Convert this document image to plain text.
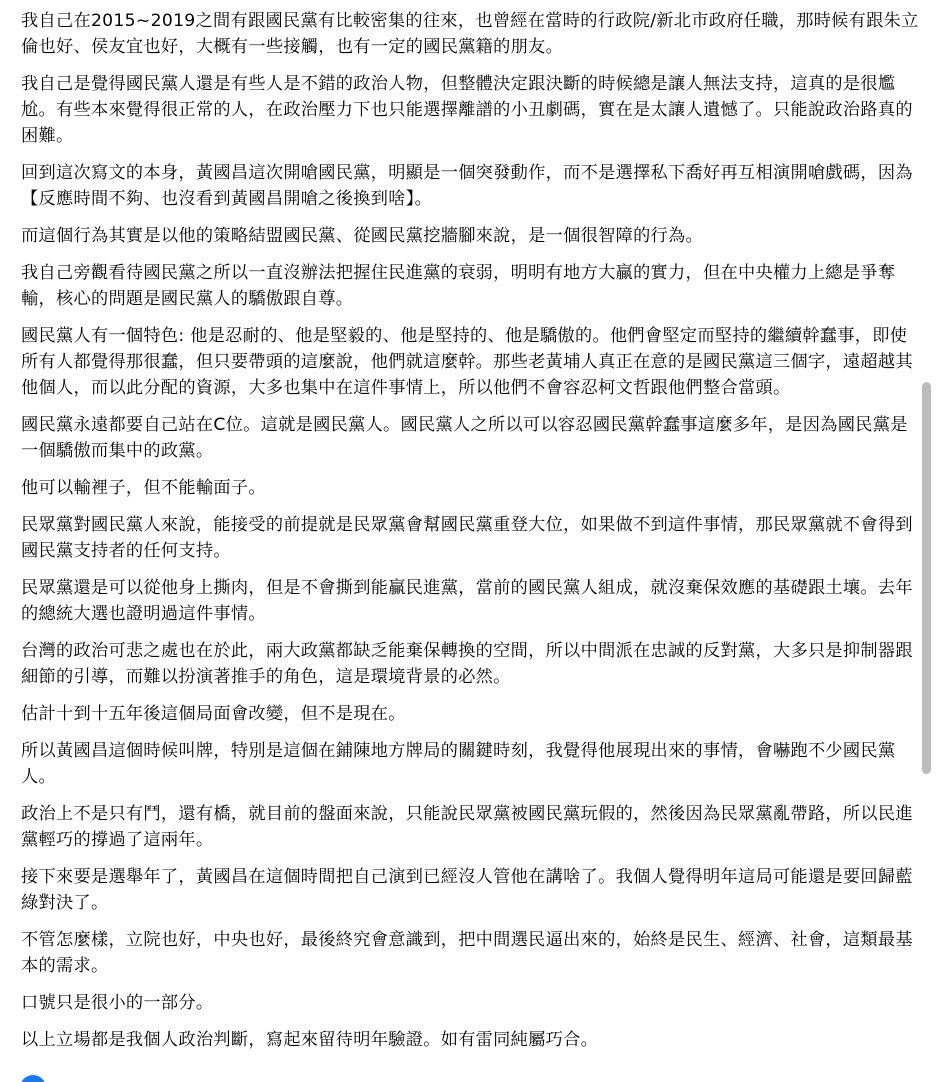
我自己在2015~2019之間有跟國民黨有比較密集的往來，也曾經在當時的行政院/新北市政府任職，那時候有跟朱立倫也好、侯友宜也好，大概有一些接觸，也有一定的國民黨籍的朋友。

我自己是覺得國民黨人還是有些人是不錯的政治人物，但整體決定跟決斷的時候總是讓人無法支持，這真的是很尷尬。有些本來覺得很正常的人，在政治壓力下也只能選擇離譜的小丑劇碼，實在是太讓人遺憾了。只能說政治路真的困難。

回到這次寫文的本身，黃國昌這次開嗆國民黨，明顯是一個突發動作，而不是選擇私下喬好再互相演開嗆戲碼，因為【反應時間不夠、也沒看到黃國昌開嗆之後換到啥】。

而這個行為其實是以他的策略結盟國民黨、從國民黨挖牆腳來說，是一個很智障的行為。

我自己旁觀看待國民黨之所以一直沒辦法把握住民進黨的衰弱，明明有地方大贏的實力，但在中央權力上總是爭奪輸，核心的問題是國民黨人的驕傲跟自尊。

國民黨人有一個特色: 他是忍耐的、他是堅毅的、他是堅持的、他是驕傲的。他們會堅定而堅持的繼續幹蠢事，即使所有人都覺得那很蠢，但只要帶頭的這麼說，他們就這麼幹。那些老黃埔人真正在意的是國民黨這三個字，遠超越其他個人，而以此分配的資源，大多也集中在這件事情上，所以他們不會容忍柯文哲跟他們整合當頭。

國民黨永遠都要自己站在C位。這就是國民黨人。國民黨人之所以可以容忍國民黨幹蠢事這麼多年，是因為國民黨是一個驕傲而集中的政黨。

他可以輸裡子，但不能輸面子。

民眾黨對國民黨人來說，能接受的前提就是民眾黨會幫國民黨重登大位，如果做不到這件事情，那民眾黨就不會得到國民黨支持者的任何支持。

民眾黨還是可以從他身上撕肉，但是不會撕到能贏民進黨，當前的國民黨人組成，就沒棄保效應的基礎跟土壤。去年的總統大選也證明過這件事情。

台灣的政治可悲之處也在於此，兩大政黨都缺乏能棄保轉換的空間，所以中間派在忠誠的反對黨，大多只是抑制器跟細節的引導，而難以扮演著推手的角色，這是環境背景的必然。

估計十到十五年後這個局面會改變，但不是現在。

所以黃國昌這個時候叫牌，特別是這個在鋪陳地方牌局的關鍵時刻，我覺得他展現出來的事情，會嚇跑不少國民黨人。

政治上不是只有鬥，還有橋，就目前的盤面來說，只能說民眾黨被國民黨玩假的，然後因為民眾黨亂帶路，所以民進黨輕巧的撐過了這兩年。

接下來要是選舉年了，黃國昌在這個時間把自己演到已經沒人管他在講啥了。我個人覺得明年這局可能還是要回歸藍綠對決了。

不管怎麼樣，立院也好，中央也好，最後終究會意識到，把中間選民逼出來的，始終是民生、經濟、社會，這類最基本的需求。

口號只是很小的一部分。

以上立場都是我個人政治判斷，寫起來留待明年驗證。如有雷同純屬巧合。
